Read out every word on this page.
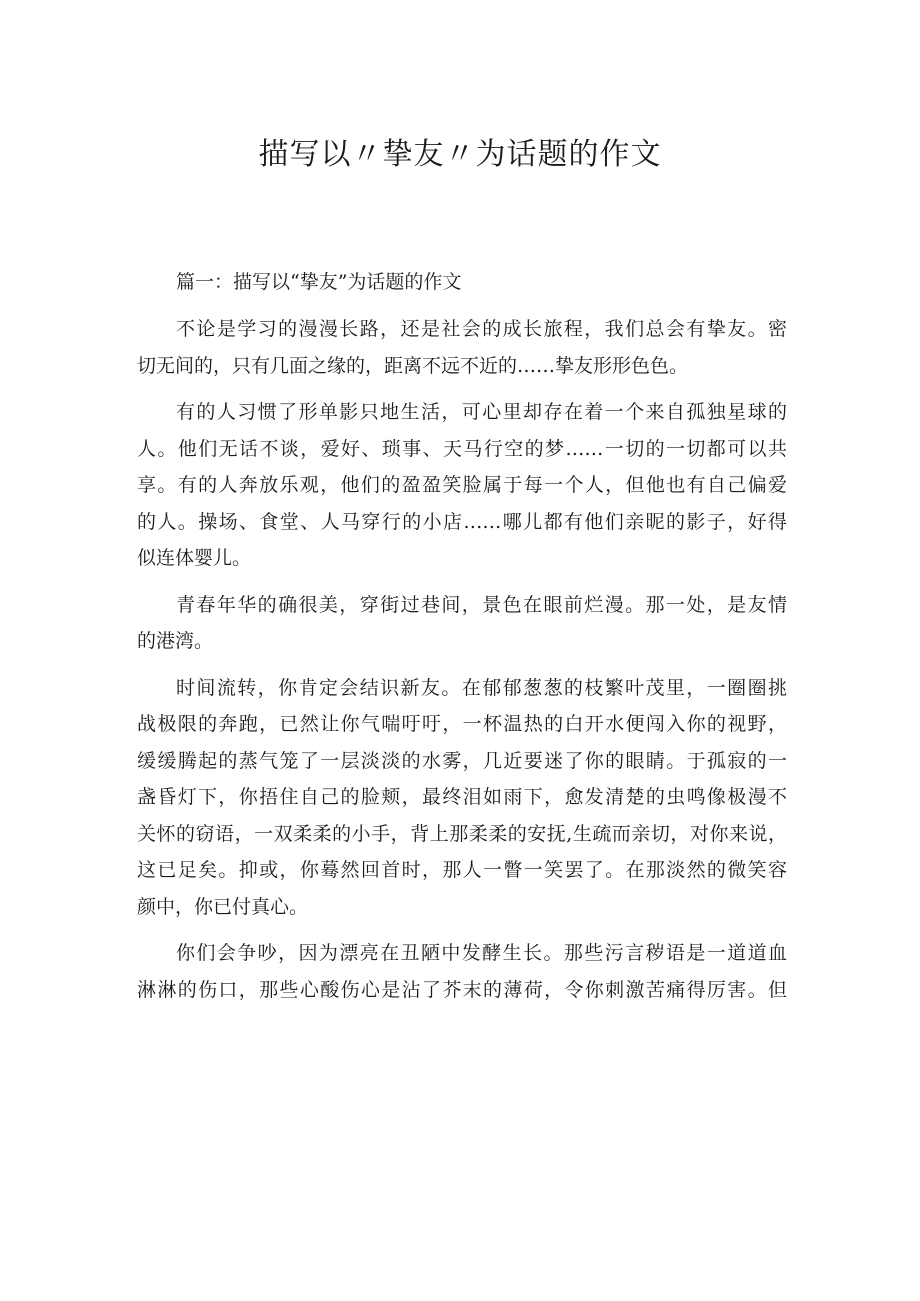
描写以〃挚友〃为话题的作文

篇一：描写以“挚友”为话题的作文

不论是学习的漫漫长路，还是社会的成长旅程，我们总会有挚友。密
切无间的，只有几面之缘的，距离不远不近的……挚友形形色色。

有的人习惯了形单影只地生活，可心里却存在着一个来自孤独星球的
人。他们无话不谈，爱好、琐事、天马行空的梦……一切的一切都可以共
享。有的人奔放乐观，他们的盈盈笑脸属于每一个人，但他也有自己偏爱
的人。操场、食堂、人马穿行的小店……哪儿都有他们亲昵的影子，好得
似连体婴儿。

青春年华的确很美，穿街过巷间，景色在眼前烂漫。那一处，是友情
的港湾。

时间流转，你肯定会结识新友。在郁郁葱葱的枝繁叶茂里，一圈圈挑
战极限的奔跑，已然让你气喘吁吁，一杯温热的白开水便闯入你的视野，
缓缓腾起的蒸气笼了一层淡淡的水雾，几近要迷了你的眼睛。于孤寂的一
盏昏灯下，你捂住自己的脸颊，最终泪如雨下，愈发清楚的虫鸣像极漫不
关怀的窃语，一双柔柔的小手，背上那柔柔的安抚,生疏而亲切，对你来说，
这已足矣。抑或，你蓦然回首时，那人一瞥一笑罢了。在那淡然的微笑容
颜中，你已付真心。

你们会争吵，因为漂亮在丑陋中发酵生长。那些污言秽语是一道道血
淋淋的伤口，那些心酸伤心是沾了芥末的薄荷，令你刺激苦痛得厉害。但
